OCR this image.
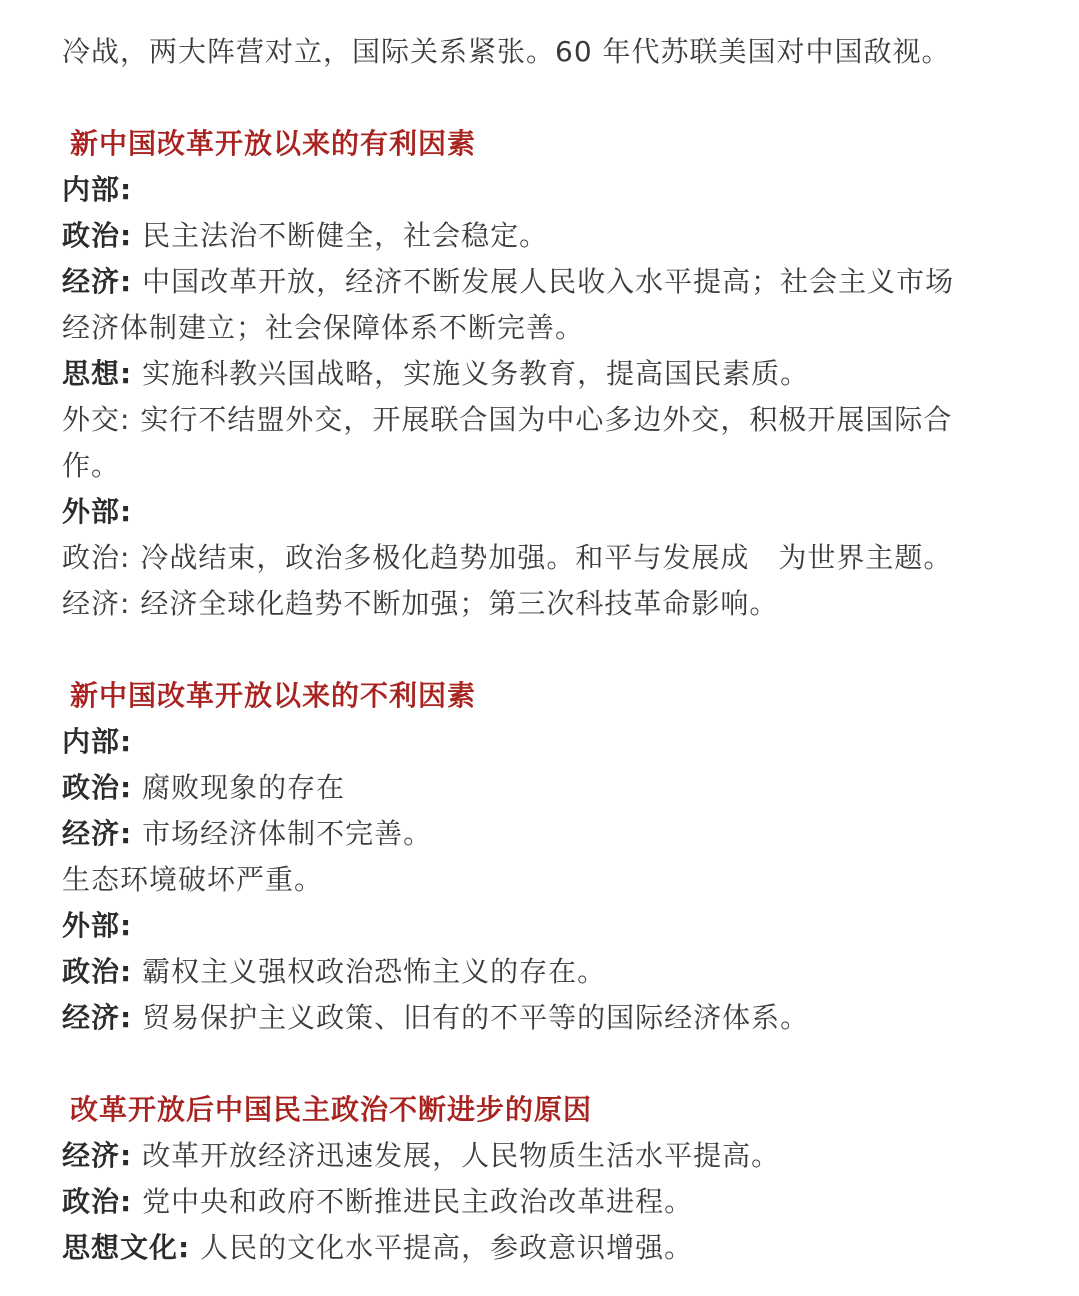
冷战，两大阵营对立，国际关系紧张。60 年代苏联美国对中国敌视。
新中国改革开放以来的有利因素
内部:
政治: 民主法治不断健全，社会稳定。
经济: 中国改革开放，经济不断发展人民收入水平提高；社会主义市场
经济体制建立；社会保障体系不断完善。
思想: 实施科教兴国战略，实施义务教育，提高国民素质。
外交: 实行不结盟外交，开展联合国为中心多边外交，积极开展国际合
作。
外部:
政治: 冷战结束，政治多极化趋势加强。和平与发展成　为世界主题。
经济: 经济全球化趋势不断加强；第三次科技革命影响。
新中国改革开放以来的不利因素
内部:
政治: 腐败现象的存在
经济: 市场经济体制不完善。
生态环境破坏严重。
外部:
政治: 霸权主义强权政治恐怖主义的存在。
经济: 贸易保护主义政策、旧有的不平等的国际经济体系。
改革开放后中国民主政治不断进步的原因
经济: 改革开放经济迅速发展，人民物质生活水平提高。
政治: 党中央和政府不断推进民主政治改革进程。
思想文化: 人民的文化水平提高，参政意识增强。
